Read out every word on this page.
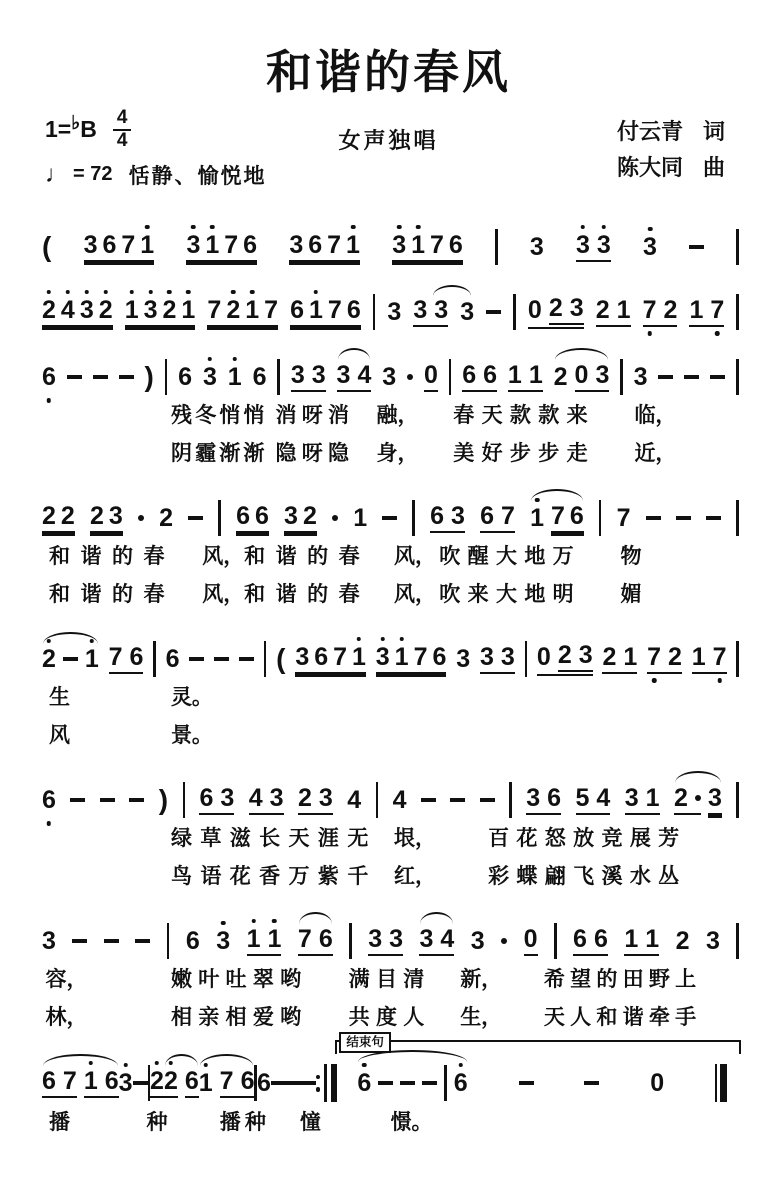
和谐的春风
1=♭ B $\frac{4}{4}$
♩ = 72 恬静、愉悦地
女声独唱	付云青 词
陈大同 曲
( 3 6 7 1 3 1 7 6 3 6 7 1 3 1 7 6	3 3 3 3
2 4 3 2 1 3 2 1 7 2 1 7 6 1 7 6 3 3 3 3 0 2 3 2 1 7 2 1 7
6	) 6 3 1 6 3 3 3 4 3 0 6 6 1 1 2 0 3 3
残冬悄悄 消呀消 融， 春天款款来 临，
阴霾渐渐 隐呀隐 身， 美好步步走 近，
2 2 2 3 2	6 6 3 2 1	6 3 6 7 1 7 6 7
和谐的春 风， 和谐的春 风， 吹醒大地万 物
和谐的春 风， 和谐的春 风， 吹来大地明 媚
2 1 7 6 6	( 3 6 7 1 3 1 7 6 3 3 3 0 2 3 2 1 7 2 1 7
生	灵。
风	景。
6	) 6 3 4 3 2 3 4 4	3 6 5 4 3 1 2 3
绿草滋长天涯无 垠， 百花怒放竞展芳
鸟语花香万紫千 红， 彩蝶翩飞溪水丛
3	6 3 1 1 7 6 3 3 3 4 3 0 6 6 1 1 2 3
容，	嫩叶吐翠哟 满目清 新， 希望的田野上
林，	相亲相爱哟 共度人 生， 天人和谐牵手
6 7 1 6 3 2 2 6 1 7 6 6
结束句
6	6	0
播	种 播种 憧	憬。
